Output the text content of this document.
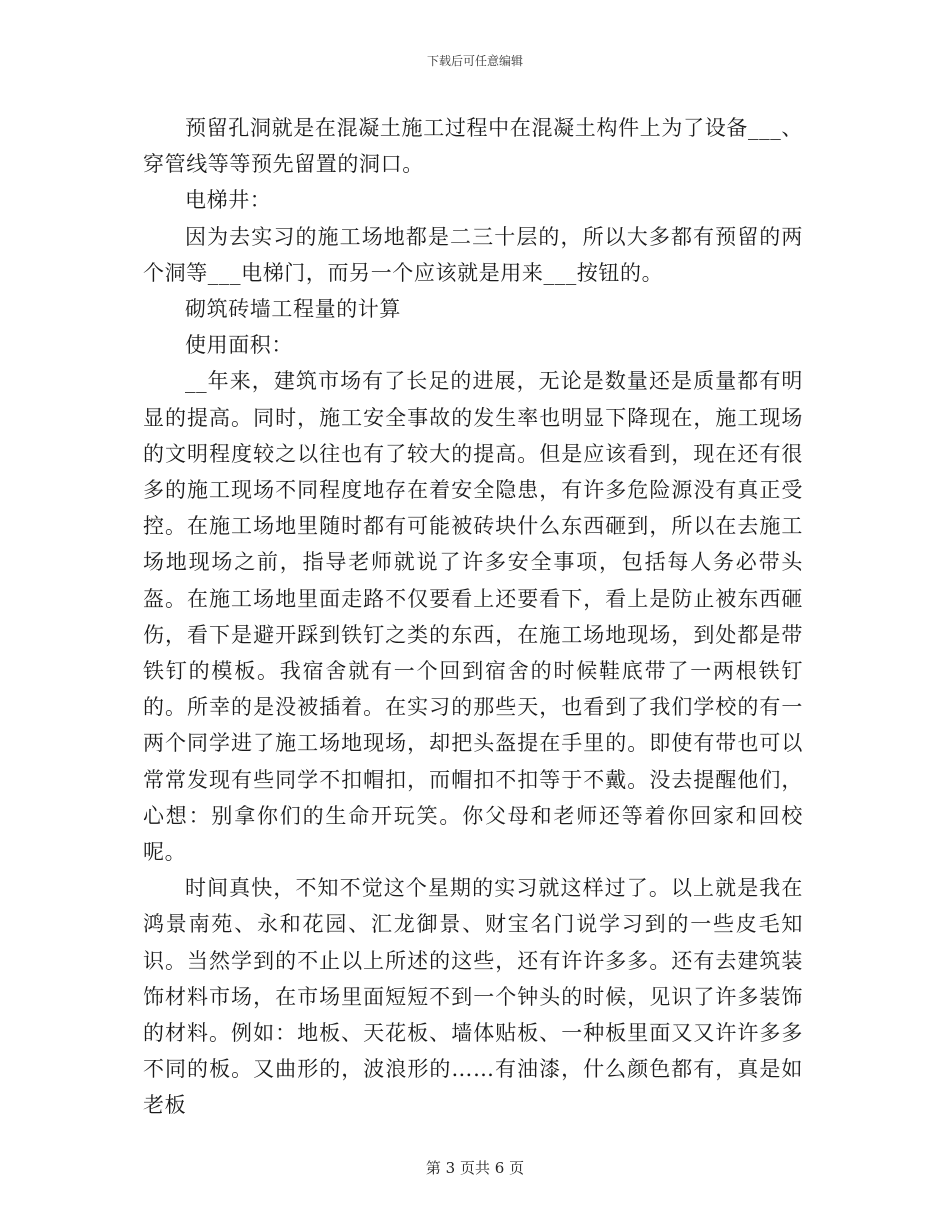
下载后可任意编辑

预留孔洞就是在混凝土施工过程中在混凝土构件上为了设备___、穿管线等等预先留置的洞口。

电梯井：

因为去实习的施工场地都是二三十层的，所以大多都有预留的两个洞等___电梯门，而另一个应该就是用来___按钮的。

砌筑砖墙工程量的计算

使用面积：

__年来，建筑市场有了长足的进展，无论是数量还是质量都有明显的提高。同时，施工安全事故的发生率也明显下降现在，施工现场的文明程度较之以往也有了较大的提高。但是应该看到，现在还有很多的施工现场不同程度地存在着安全隐患，有许多危险源没有真正受控。在施工场地里随时都有可能被砖块什么东西砸到，所以在去施工场地现场之前，指导老师就说了许多安全事项，包括每人务必带头盔。在施工场地里面走路不仅要看上还要看下，看上是防止被东西砸伤，看下是避开踩到铁钉之类的东西，在施工场地现场，到处都是带铁钉的模板。我宿舍就有一个回到宿舍的时候鞋底带了一两根铁钉的。所幸的是没被插着。在实习的那些天，也看到了我们学校的有一两个同学进了施工场地现场，却把头盔提在手里的。即使有带也可以常常发现有些同学不扣帽扣，而帽扣不扣等于不戴。没去提醒他们，心想：别拿你们的生命开玩笑。你父母和老师还等着你回家和回校呢。

时间真快，不知不觉这个星期的实习就这样过了。以上就是我在鸿景南苑、永和花园、汇龙御景、财宝名门说学习到的一些皮毛知识。当然学到的不止以上所述的这些，还有许许多多。还有去建筑装饰材料市场，在市场里面短短不到一个钟头的时候，见识了许多装饰的材料。例如：地板、天花板、墙体贴板、一种板里面又又许许多多不同的板。又曲形的，波浪形的……有油漆，什么颜色都有，真是如老板

第 3 页共 6 页
